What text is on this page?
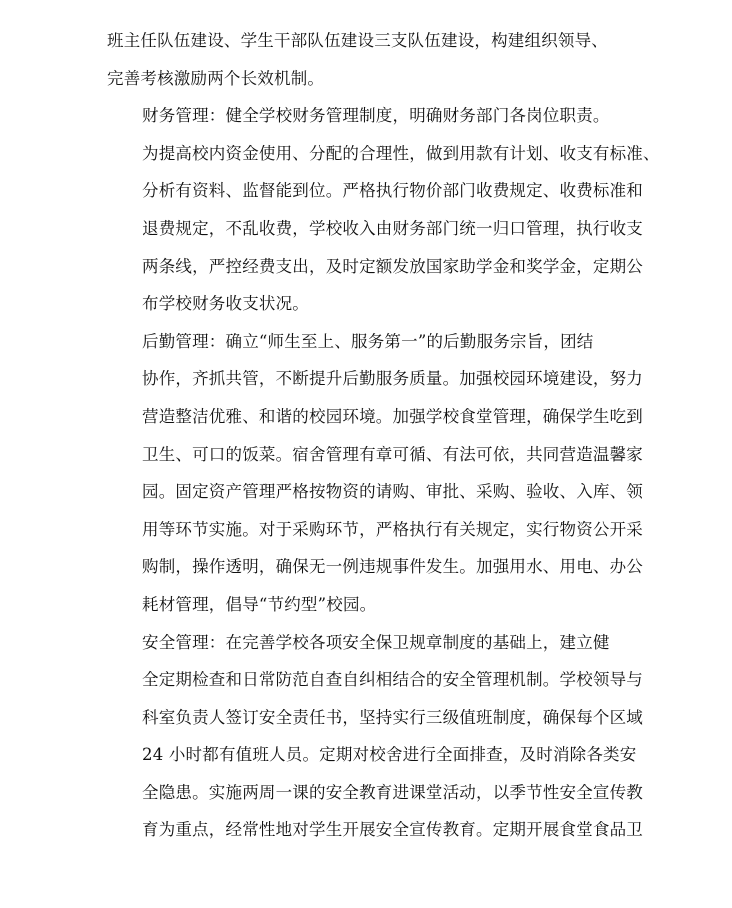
班主任队伍建设、学生干部队伍建设三支队伍建设，构建组织领导、
完善考核激励两个长效机制。

财务管理：健全学校财务管理制度，明确财务部门各岗位职责。
为提高校内资金使用、分配的合理性，做到用款有计划、收支有标准、
分析有资料、监督能到位。严格执行物价部门收费规定、收费标准和
退费规定，不乱收费，学校收入由财务部门统一归口管理，执行收支
两条线，严控经费支出，及时定额发放国家助学金和奖学金，定期公
布学校财务收支状况。

后勤管理：确立“师生至上、服务第一”的后勤服务宗旨，团结
协作，齐抓共管，不断提升后勤服务质量。加强校园环境建设，努力
营造整洁优雅、和谐的校园环境。加强学校食堂管理，确保学生吃到
卫生、可口的饭菜。宿舍管理有章可循、有法可依，共同营造温馨家
园。固定资产管理严格按物资的请购、审批、采购、验收、入库、领
用等环节实施。对于采购环节，严格执行有关规定，实行物资公开采
购制，操作透明，确保无一例违规事件发生。加强用水、用电、办公
耗材管理，倡导“节约型”校园。

安全管理：在完善学校各项安全保卫规章制度的基础上，建立健
全定期检查和日常防范自查自纠相结合的安全管理机制。学校领导与
科室负责人签订安全责任书，坚持实行三级值班制度，确保每个区域
24 小时都有值班人员。定期对校舍进行全面排查，及时消除各类安
全隐患。实施两周一课的安全教育进课堂活动，以季节性安全宣传教
育为重点，经常性地对学生开展安全宣传教育。定期开展食堂食品卫
